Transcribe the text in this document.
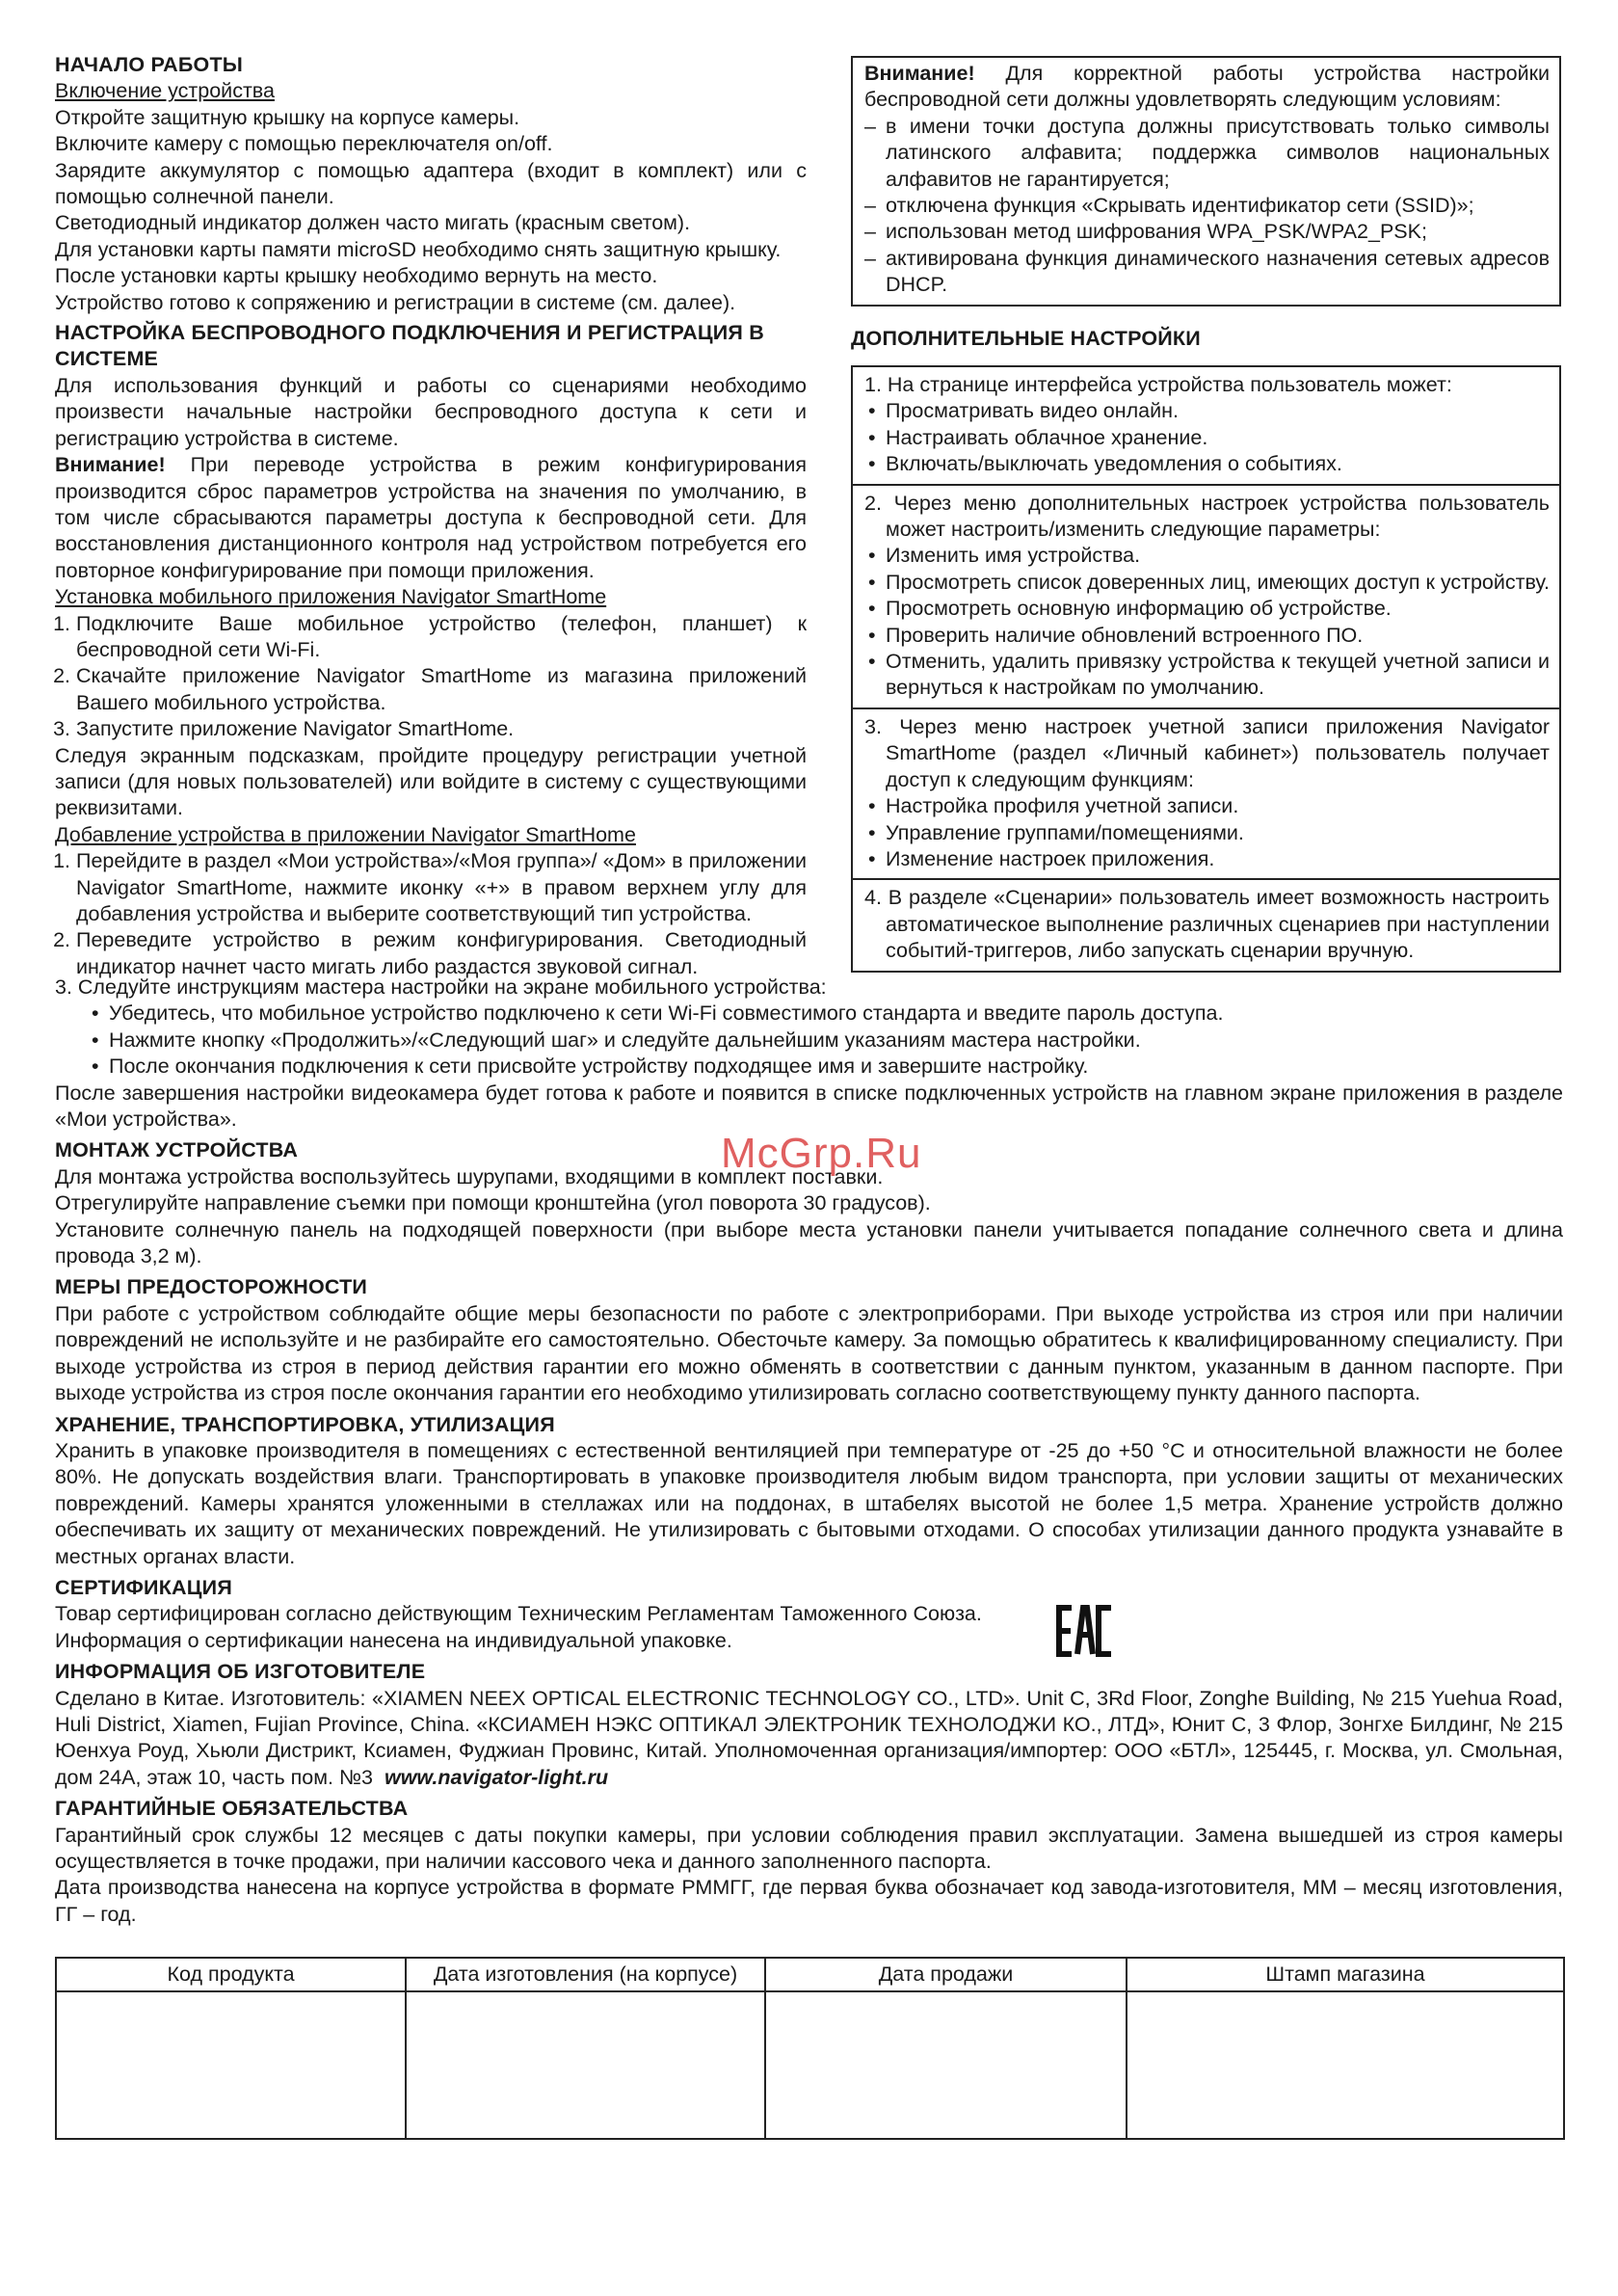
НАЧАЛО РАБОТЫ
Включение устройства

Откройте защитную крышку на корпусе камеры.

Включите камеру с помощью переключателя on/off.

Зарядите аккумулятор с помощью адаптера (входит в комплект) или с помощью солнечной панели.

Светодиодный индикатор должен часто мигать (красным светом).

Для установки карты памяти microSD необходимо снять защитную крышку.

После установки карты крышку необходимо вернуть на место.

Устройство готово к сопряжению и регистрации в системе (см. далее).

НАСТРОЙКА БЕСПРОВОДНОГО ПОДКЛЮЧЕНИЯ И РЕГИСТРАЦИЯ В СИСТЕМЕ

Для использования функций и работы со сценариями необходимо произвести начальные настройки беспроводного доступа к сети и регистрацию устройства в системе.

Внимание! При переводе устройства в режим конфигурирования производится сброс параметров устройства на значения по умолчанию, в том числе сбрасываются параметры доступа к беспроводной сети. Для восстановления дистанционного контроля над устройством потребуется его повторное конфигурирование при помощи приложения.

Установка мобильного приложения Navigator SmartHome
1. Подключите Ваше мобильное устройство (телефон, планшет) к беспроводной сети Wi-Fi.
2. Скачайте приложение Navigator SmartHome из магазина приложений Вашего мобильного устройства.
3. Запустите приложение Navigator SmartHome.

Следуя экранным подсказкам, пройдите процедуру регистрации учетной записи (для новых пользователей) или войдите в систему с существующими реквизитами.

Добавление устройства в приложении Navigator SmartHome
1. Перейдите в раздел «Мои устройства»/«Моя группа»/ «Дом» в приложении Navigator SmartHome, нажмите иконку «+» в правом верхнем углу для добавления устройства и выберите соответствующий тип устройства.
2. Переведите устройство в режим конфигурирования. Светодиодный индикатор начнет часто мигать либо раздастся звуковой сигнал.

3. Следуйте инструкциям мастера настройки на экране мобильного устройства:

• Убедитесь, что мобильное устройство подключено к сети Wi-Fi совместимого стандарта и введите пароль доступа.
• Нажмите кнопку «Продолжить»/«Следующий шаг» и следуйте дальнейшим указаниям мастера настройки.
• После окончания подключения к сети присвойте устройству подходящее имя и завершите настройку.

После завершения настройки видеокамера будет готова к работе и появится в списке подключенных устройств на главном экране приложения в разделе «Мои устройства».

МОНТАЖ УСТРОЙСТВА

Для монтажа устройства воспользуйтесь шурупами, входящими в комплект поставки.

Отрегулируйте направление съемки при помощи кронштейна (угол поворота 30 градусов).

Установите солнечную панель на подходящей поверхности (при выборе места установки панели учитывается попадание солнечного света и длина провода 3,2 м).

МЕРЫ ПРЕДОСТОРОЖНОСТИ

При работе с устройством соблюдайте общие меры безопасности по работе с электроприборами. При выходе устройства из строя или при наличии повреждений не используйте и не разбирайте его самостоятельно. Обесточьте камеру. За помощью обратитесь к квалифицированному специалисту. При выходе устройства из строя в период действия гарантии его можно обменять в соответствии с данным пунктом, указанным в данном паспорте. При выходе устройства из строя после окончания гарантии его необходимо утилизировать согласно соответствующему пункту данного паспорта.

ХРАНЕНИЕ, ТРАНСПОРТИРОВКА, УТИЛИЗАЦИЯ

Хранить в упаковке производителя в помещениях с естественной вентиляцией при температуре от -25 до +50 °С и относительной влажности не более 80%. Не допускать воздействия влаги. Транспортировать в упаковке производителя любым видом транспорта, при условии защиты от механических повреждений. Камеры хранятся уложенными в стеллажах или на поддонах, в штабелях высотой не более 1,5 метра. Хранение устройств должно обеспечивать их защиту от механических повреждений. Не утилизировать с бытовыми отходами. О способах утилизации данного продукта узнавайте в местных органах власти.

СЕРТИФИКАЦИЯ

Товар сертифицирован согласно действующим Техническим Регламентам Таможенного Союза.

Информация о сертификации нанесена на индивидуальной упаковке.

ИНФОРМАЦИЯ ОБ ИЗГОТОВИТЕЛЕ

Сделано в Китае. Изготовитель: «XIAMEN NEEX OPTICAL ELECTRONIC TECHNOLOGY CO., LTD». Unit C, 3Rd Floor, Zonghe Building, № 215 Yuehua Road, Huli District, Xiamen, Fujian Province, China. «КСИАМЕН НЭКС ОПТИКАЛ ЭЛЕКТРОНИК ТЕХНОЛОДЖИ КО., ЛТД», Юнит С, 3 Флор, Зонгхе Билдинг, № 215 Юенхуа Роуд, Хьюли Дистрикт, Ксиамен, Фуджиан Провинс, Китай. Уполномоченная организация/импортер: ООО «БТЛ», 125445, г. Москва, ул. Смольная, дом 24А, этаж 10, часть пом. №3 www.navigator-light.ru

ГАРАНТИЙНЫЕ ОБЯЗАТЕЛЬСТВА

Гарантийный срок службы 12 месяцев с даты покупки камеры, при условии соблюдения правил эксплуатации. Замена вышедшей из строя камеры осуществляется в точке продажи, при наличии кассового чека и данного заполненного паспорта.

Дата производства нанесена на корпусе устройства в формате РММГГ, где первая буква обозначает код завода-изготовителя, ММ – месяц изготовления, ГГ – год.

Внимание! Для корректной работы устройства настройки беспроводной сети должны удовлетворять следующим условиям:

– в имени точки доступа должны присутствовать только символы латинского алфавита; поддержка символов национальных алфавитов не гарантируется;
– отключена функция «Скрывать идентификатор сети (SSID)»;
– использован метод шифрования WPA_PSK/WPA2_PSK;
– активирована функция динамического назначения сетевых адресов DHCP.
ДОПОЛНИТЕЛЬНЫЕ НАСТРОЙКИ

1. На странице интерфейса устройства пользователь может:

• Просматривать видео онлайн.
• Настраивать облачное хранение.
• Включать/выключать уведомления о событиях.

2. Через меню дополнительных настроек устройства пользователь может настроить/изменить следующие параметры:

• Изменить имя устройства.
• Просмотреть список доверенных лиц, имеющих доступ к устройству.
• Просмотреть основную информацию об устройстве.
• Проверить наличие обновлений встроенного ПО.
• Отменить, удалить привязку устройства к текущей учетной записи и вернуться к настройкам по умолчанию.

3. Через меню настроек учетной записи приложения Navigator SmartHome (раздел «Личный кабинет») пользователь получает доступ к следующим функциям:

• Настройка профиля учетной записи.
• Управление группами/помещениями.
• Изменение настроек приложения.

4. В разделе «Сценарии» пользователь имеет возможность настроить автоматическое выполнение различных сценариев при наступлении событий-триггеров, либо запускать сценарии вручную.

McGrp.Ru
Код продукта	Дата изготовления (на корпусе)	Дата продажи	Штамп магазина
